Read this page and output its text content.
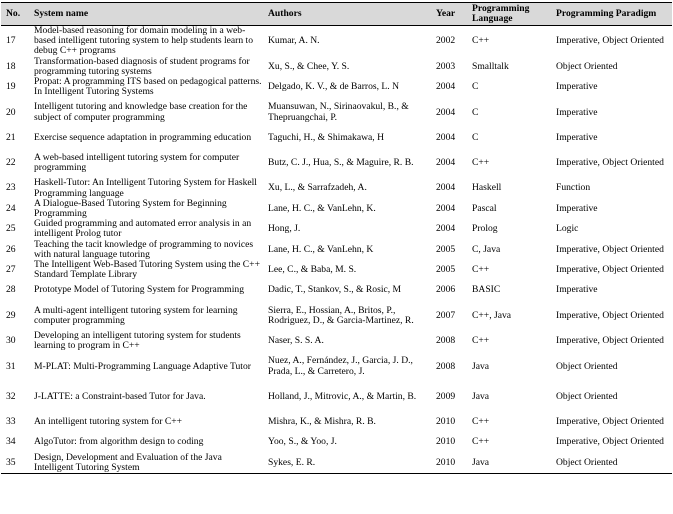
No.	System name	Authors	Year	Programming Language	Programming Paradigm
17	Model-based reasoning for domain modeling in a web-based intelligent tutoring system to help students learn to debug C++ programs	Kumar, A. N.	2002	C++	Imperative, Object Oriented
18	Transformation-based diagnosis of student programs for programming tutoring systems	Xu, S., & Chee, Y. S.	2003	Smalltalk	Object Oriented
19	Propat: A programming ITS based on pedagogical patterns. In Intelligent Tutoring Systems	Delgado, K. V., & de Barros, L. N	2004	C	Imperative
20	Intelligent tutoring and knowledge base creation for the subject of computer programming	Muansuwan, N., Sirinaovakul, B., & Thepruangchai, P.	2004	C	Imperative
21	Exercise sequence adaptation in programming education	Taguchi, H., & Shimakawa, H	2004	C	Imperative
22	A web-based intelligent tutoring system for computer programming	Butz, C. J., Hua, S., & Maguire, R. B.	2004	C++	Imperative, Object Oriented
23	Haskell-Tutor: An Intelligent Tutoring System for Haskell Programming language	Xu, L., & Sarrafzadeh, A.	2004	Haskell	Function
24	A Dialogue-Based Tutoring System for Beginning Programming	Lane, H. C., & VanLehn, K.	2004	Pascal	Imperative
25	Guided programming and automated error analysis in an intelligent Prolog tutor	Hong, J.	2004	Prolog	Logic
26	Teaching the tacit knowledge of programming to novices with natural language tutoring	Lane, H. C., & VanLehn, K	2005	C, Java	Imperative, Object Oriented
27	The Intelligent Web-Based Tutoring System using the C++ Standard Template Library	Lee, C., & Baba, M. S.	2005	C++	Imperative, Object Oriented
28	Prototype Model of Tutoring System for Programming	Dadic, T., Stankov, S., & Rosic, M	2006	BASIC	Imperative
29	A multi-agent intelligent tutoring system for learning computer programming	Sierra, E., Hossian, A., Britos, P., Rodriguez, D., & Garcia-Martinez, R.	2007	C++, Java	Imperative, Object Oriented
30	Developing an intelligent tutoring system for students learning to program in C++	Naser, S. S. A.	2008	C++	Imperative, Object Oriented
31	M-PLAT: Multi-Programming Language Adaptive Tutor	Nuez, A., Fernández, J., Garcia, J. D., Prada, L., & Carretero, J.	2008	Java	Object Oriented
32	J-LATTE: a Constraint-based Tutor for Java.	Holland, J., Mitrovic, A., & Martin, B.	2009	Java	Object Oriented
33	An intelligent tutoring system for C++	Mishra, K., & Mishra, R. B.	2010	C++	Imperative, Object Oriented
34	AlgoTutor: from algorithm design to coding	Yoo, S., & Yoo, J.	2010	C++	Imperative, Object Oriented
35	Design, Development and Evaluation of the Java Intelligent Tutoring System	Sykes, E. R.	2010	Java	Object Oriented
